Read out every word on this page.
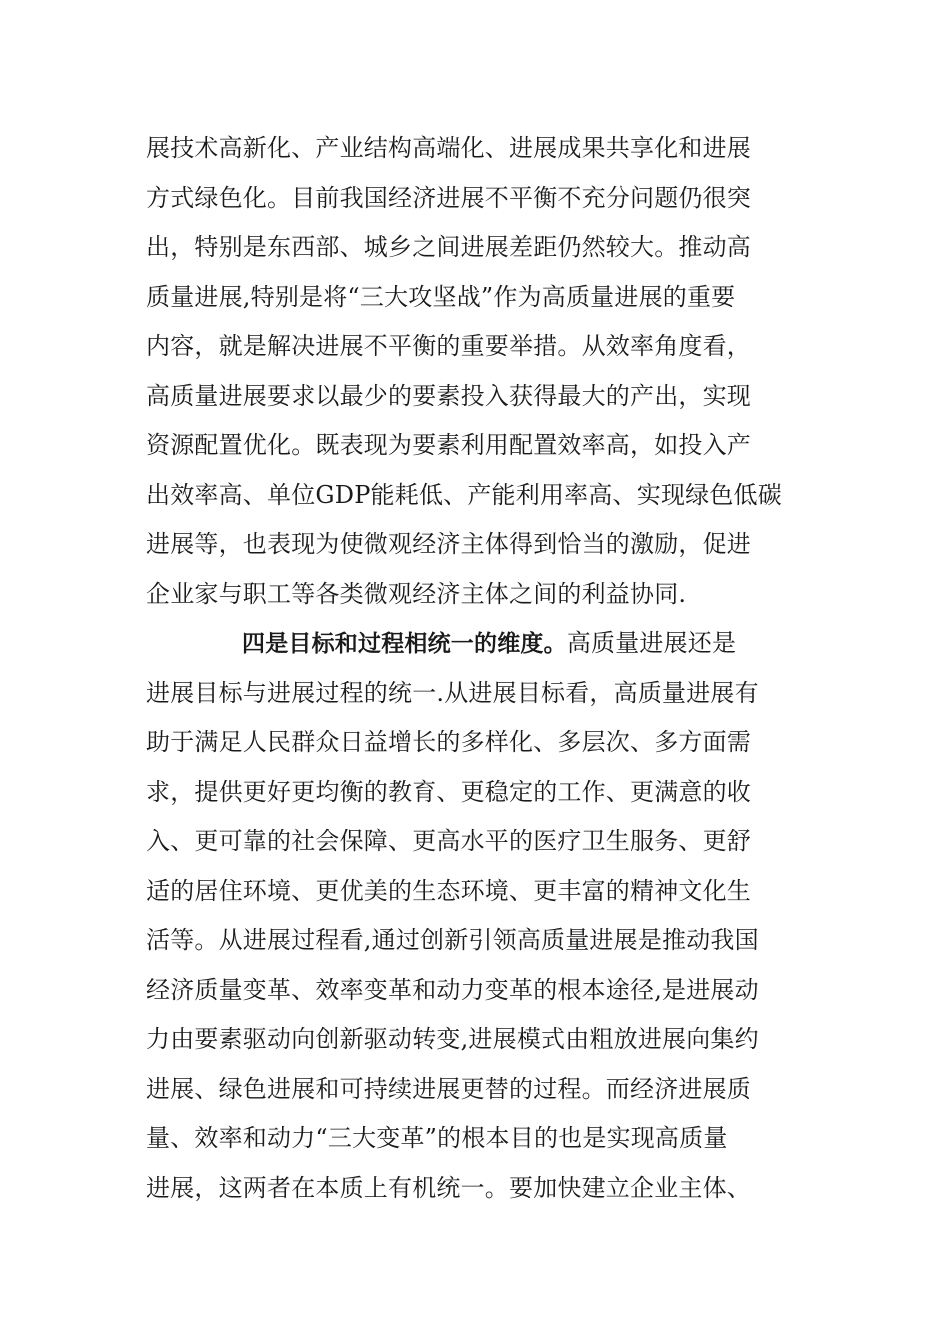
展技术高新化、产业结构高端化、进展成果共享化和进展
方式绿色化。目前我国经济进展不平衡不充分问题仍很突
出，特别是东西部、城乡之间进展差距仍然较大。推动高
质量进展,特别是将“三大攻坚战”作为高质量进展的重要
内容，就是解决进展不平衡的重要举措。从效率角度看，
高质量进展要求以最少的要素投入获得最大的产出，实现
资源配置优化。既表现为要素利用配置效率高，如投入产
出效率高、单位GDP能耗低、产能利用率高、实现绿色低碳
进展等，也表现为使微观经济主体得到恰当的激励，促进
企业家与职工等各类微观经济主体之间的利益协同.
四是目标和过程相统一的维度。高质量进展还是
进展目标与进展过程的统一.从进展目标看，高质量进展有
助于满足人民群众日益增长的多样化、多层次、多方面需
求，提供更好更均衡的教育、更稳定的工作、更满意的收
入、更可靠的社会保障、更高水平的医疗卫生服务、更舒
适的居住环境、更优美的生态环境、更丰富的精神文化生
活等。从进展过程看,通过创新引领高质量进展是推动我国
经济质量变革、效率变革和动力变革的根本途径,是进展动
力由要素驱动向创新驱动转变,进展模式由粗放进展向集约
进展、绿色进展和可持续进展更替的过程。而经济进展质
量、效率和动力“三大变革”的根本目的也是实现高质量
进展，这两者在本质上有机统一。要加快建立企业主体、
